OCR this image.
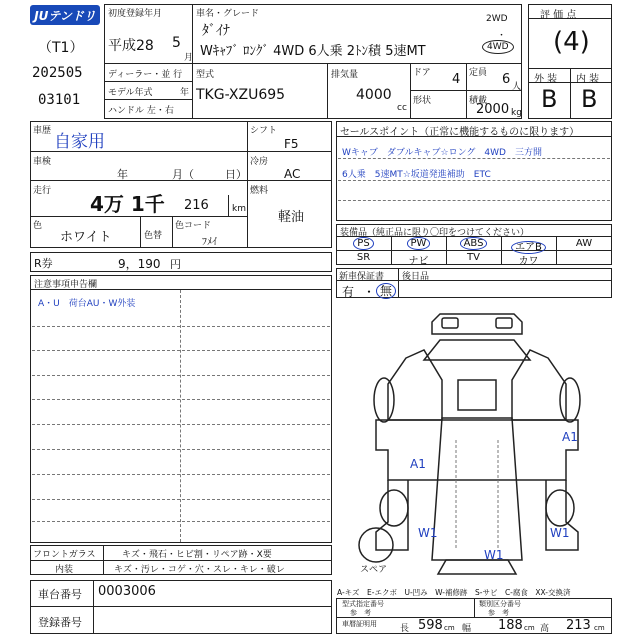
JUテンドリ
（T1）
202505
03101
初度登録年月
平成28 5
月
ディーラー・並 行
モデル年式	年
ハンドル 左・右
車名・グレード
ﾀﾞｲﾅ
Wｷｬﾌﾞ ﾛﾝｸﾞ 4WD 6人乗 2ﾄﾝ積 5速MT
2WD
・
4WD
型式
TKG-XZU695
排気量
4000
cc
ドア 4 定員 6 人
形状	積載
2000 kg
評 価 点
(4)
外 装 内 装
B B
車歴
自家用
車検
年	月（	日）
走行
4万 1千 216	km
色
ホワイト	色替
色コード
ﾌﾒｲ
シフト
F5
冷房
AC
燃料
軽油
R券	9，190 円
セールスポイント（正常に機能するものに限ります）
Wキャブ　ダブルキャブ☆ロング　4WD　三方開
6人乗　5速MT☆坂道発進補助　ETC
装備品（純正品に限り〇印をつけてください）
PS	PW	ABS	エアB	AW
SR	ナビ	TV	カワ
新車保証書
有 ・ 無
後日品
注意事項申告欄
A・U　荷台AU・W外装
A1
A1
W1	W1
W1
スペア
フロントガラス	キズ・飛石・ヒビ割・リペア跡・X要
内装	キズ・汚レ・コゲ・穴・スレ・キレ・破レ
車台番号 0003006
登録番号
A-キズ　E-エクボ　U-凹み　W-補修跡　S-サビ　C-腐食　XX-交換済
型式指定番号
参　考
類別区分番号
参　考
車暦証明用	長 598 cm 幅 188 cm 高 213 cm
